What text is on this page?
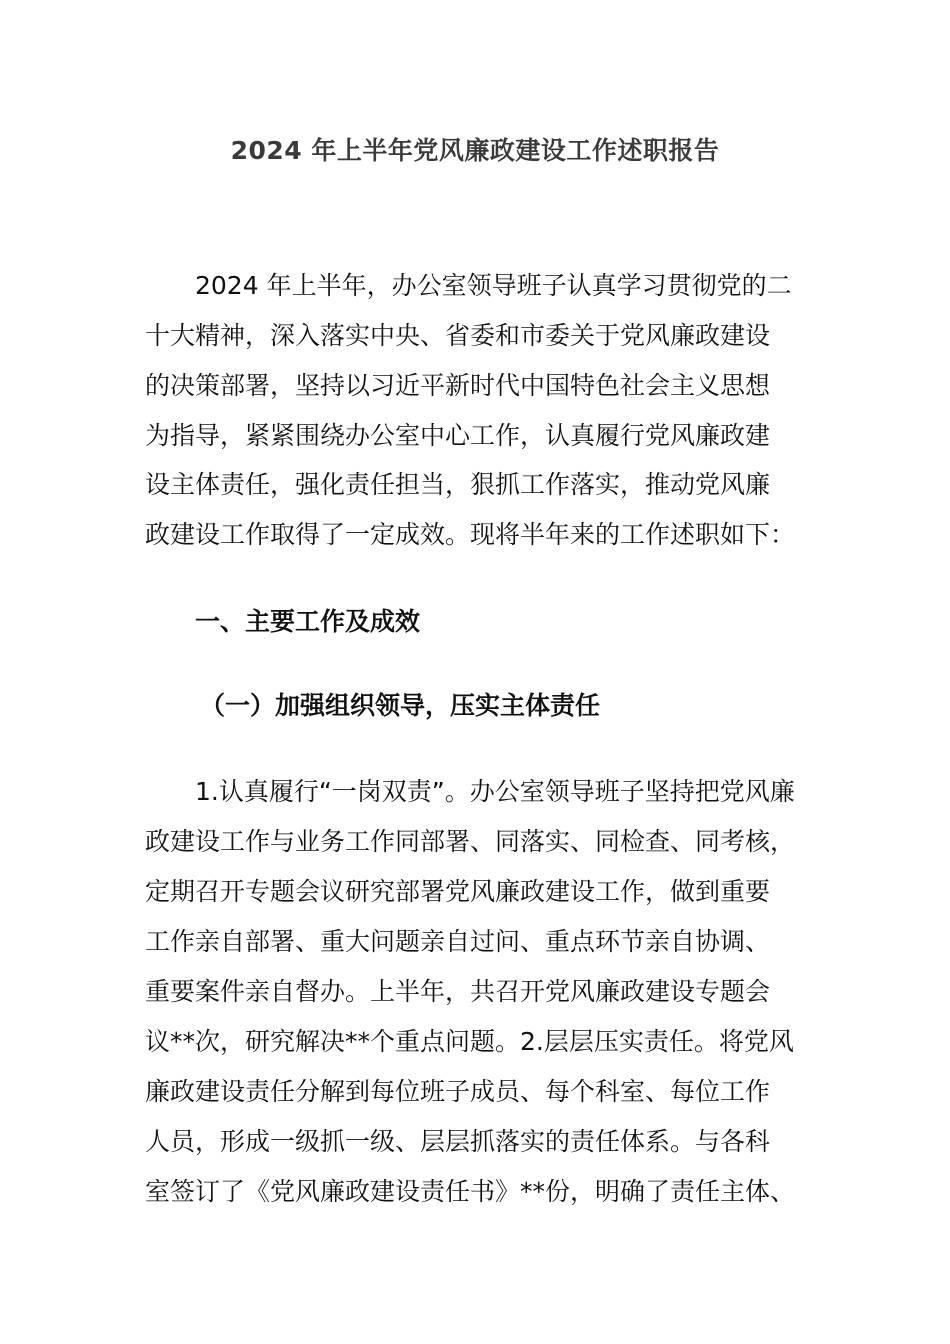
2024 年上半年党风廉政建设工作述职报告
2024 年上半年，办公室领导班子认真学习贯彻党的二
十大精神，深入落实中央、省委和市委关于党风廉政建设
的决策部署，坚持以习近平新时代中国特色社会主义思想
为指导，紧紧围绕办公室中心工作，认真履行党风廉政建
设主体责任，强化责任担当，狠抓工作落实，推动党风廉
政建设工作取得了一定成效。现将半年来的工作述职如下：
一、主要工作及成效
（一）加强组织领导，压实主体责任
1.认真履行“一岗双责”。办公室领导班子坚持把党风廉
政建设工作与业务工作同部署、同落实、同检查、同考核，
定期召开专题会议研究部署党风廉政建设工作，做到重要
工作亲自部署、重大问题亲自过问、重点环节亲自协调、
重要案件亲自督办。上半年，共召开党风廉政建设专题会
议**次，研究解决**个重点问题。2.层层压实责任。将党风
廉政建设责任分解到每位班子成员、每个科室、每位工作
人员，形成一级抓一级、层层抓落实的责任体系。与各科
室签订了《党风廉政建设责任书》**份，明确了责任主体、
